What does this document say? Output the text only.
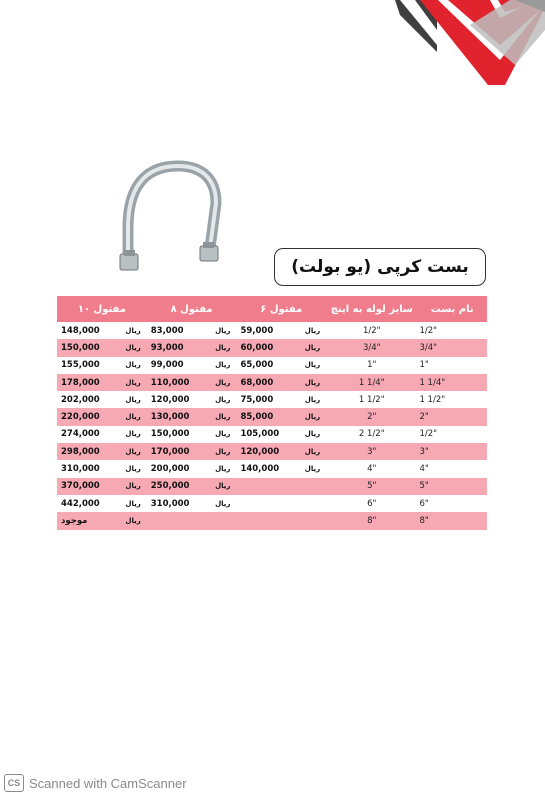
بست کرپی (یو بولت)
نام بست	سایز لوله به اینچ	مفتول ۶	مفتول ۸	مفتول ۱۰
1/2"	1/2"	59,000 ریال	83,000 ریال	148,000 ریال

3/4"	3/4"	60,000 ریال	93,000 ریال	150,000 ریال

1"	1"	65,000 ریال	99,000 ریال	155,000 ریال

1 1/4"	1 1/4"	68,000 ریال	110,000 ریال	178,000 ریال

1 1/2"	1 1/2"	75,000 ریال	120,000 ریال	202,000 ریال

2"	2"	85,000 ریال	130,000 ریال	220,000 ریال

1/2"	2 1/2"	105,000 ریال	150,000 ریال	274,000 ریال

3"	3"	120,000 ریال	170,000 ریال	298,000 ریال

4"	4"	140,000 ریال	200,000 ریال	310,000 ریال

5"	5"		250,000 ریال	370,000 ریال

6"	6"		310,000 ریال	442,000 ریال

8"	8"			موجود ریال
CS Scanned with CamScanner
